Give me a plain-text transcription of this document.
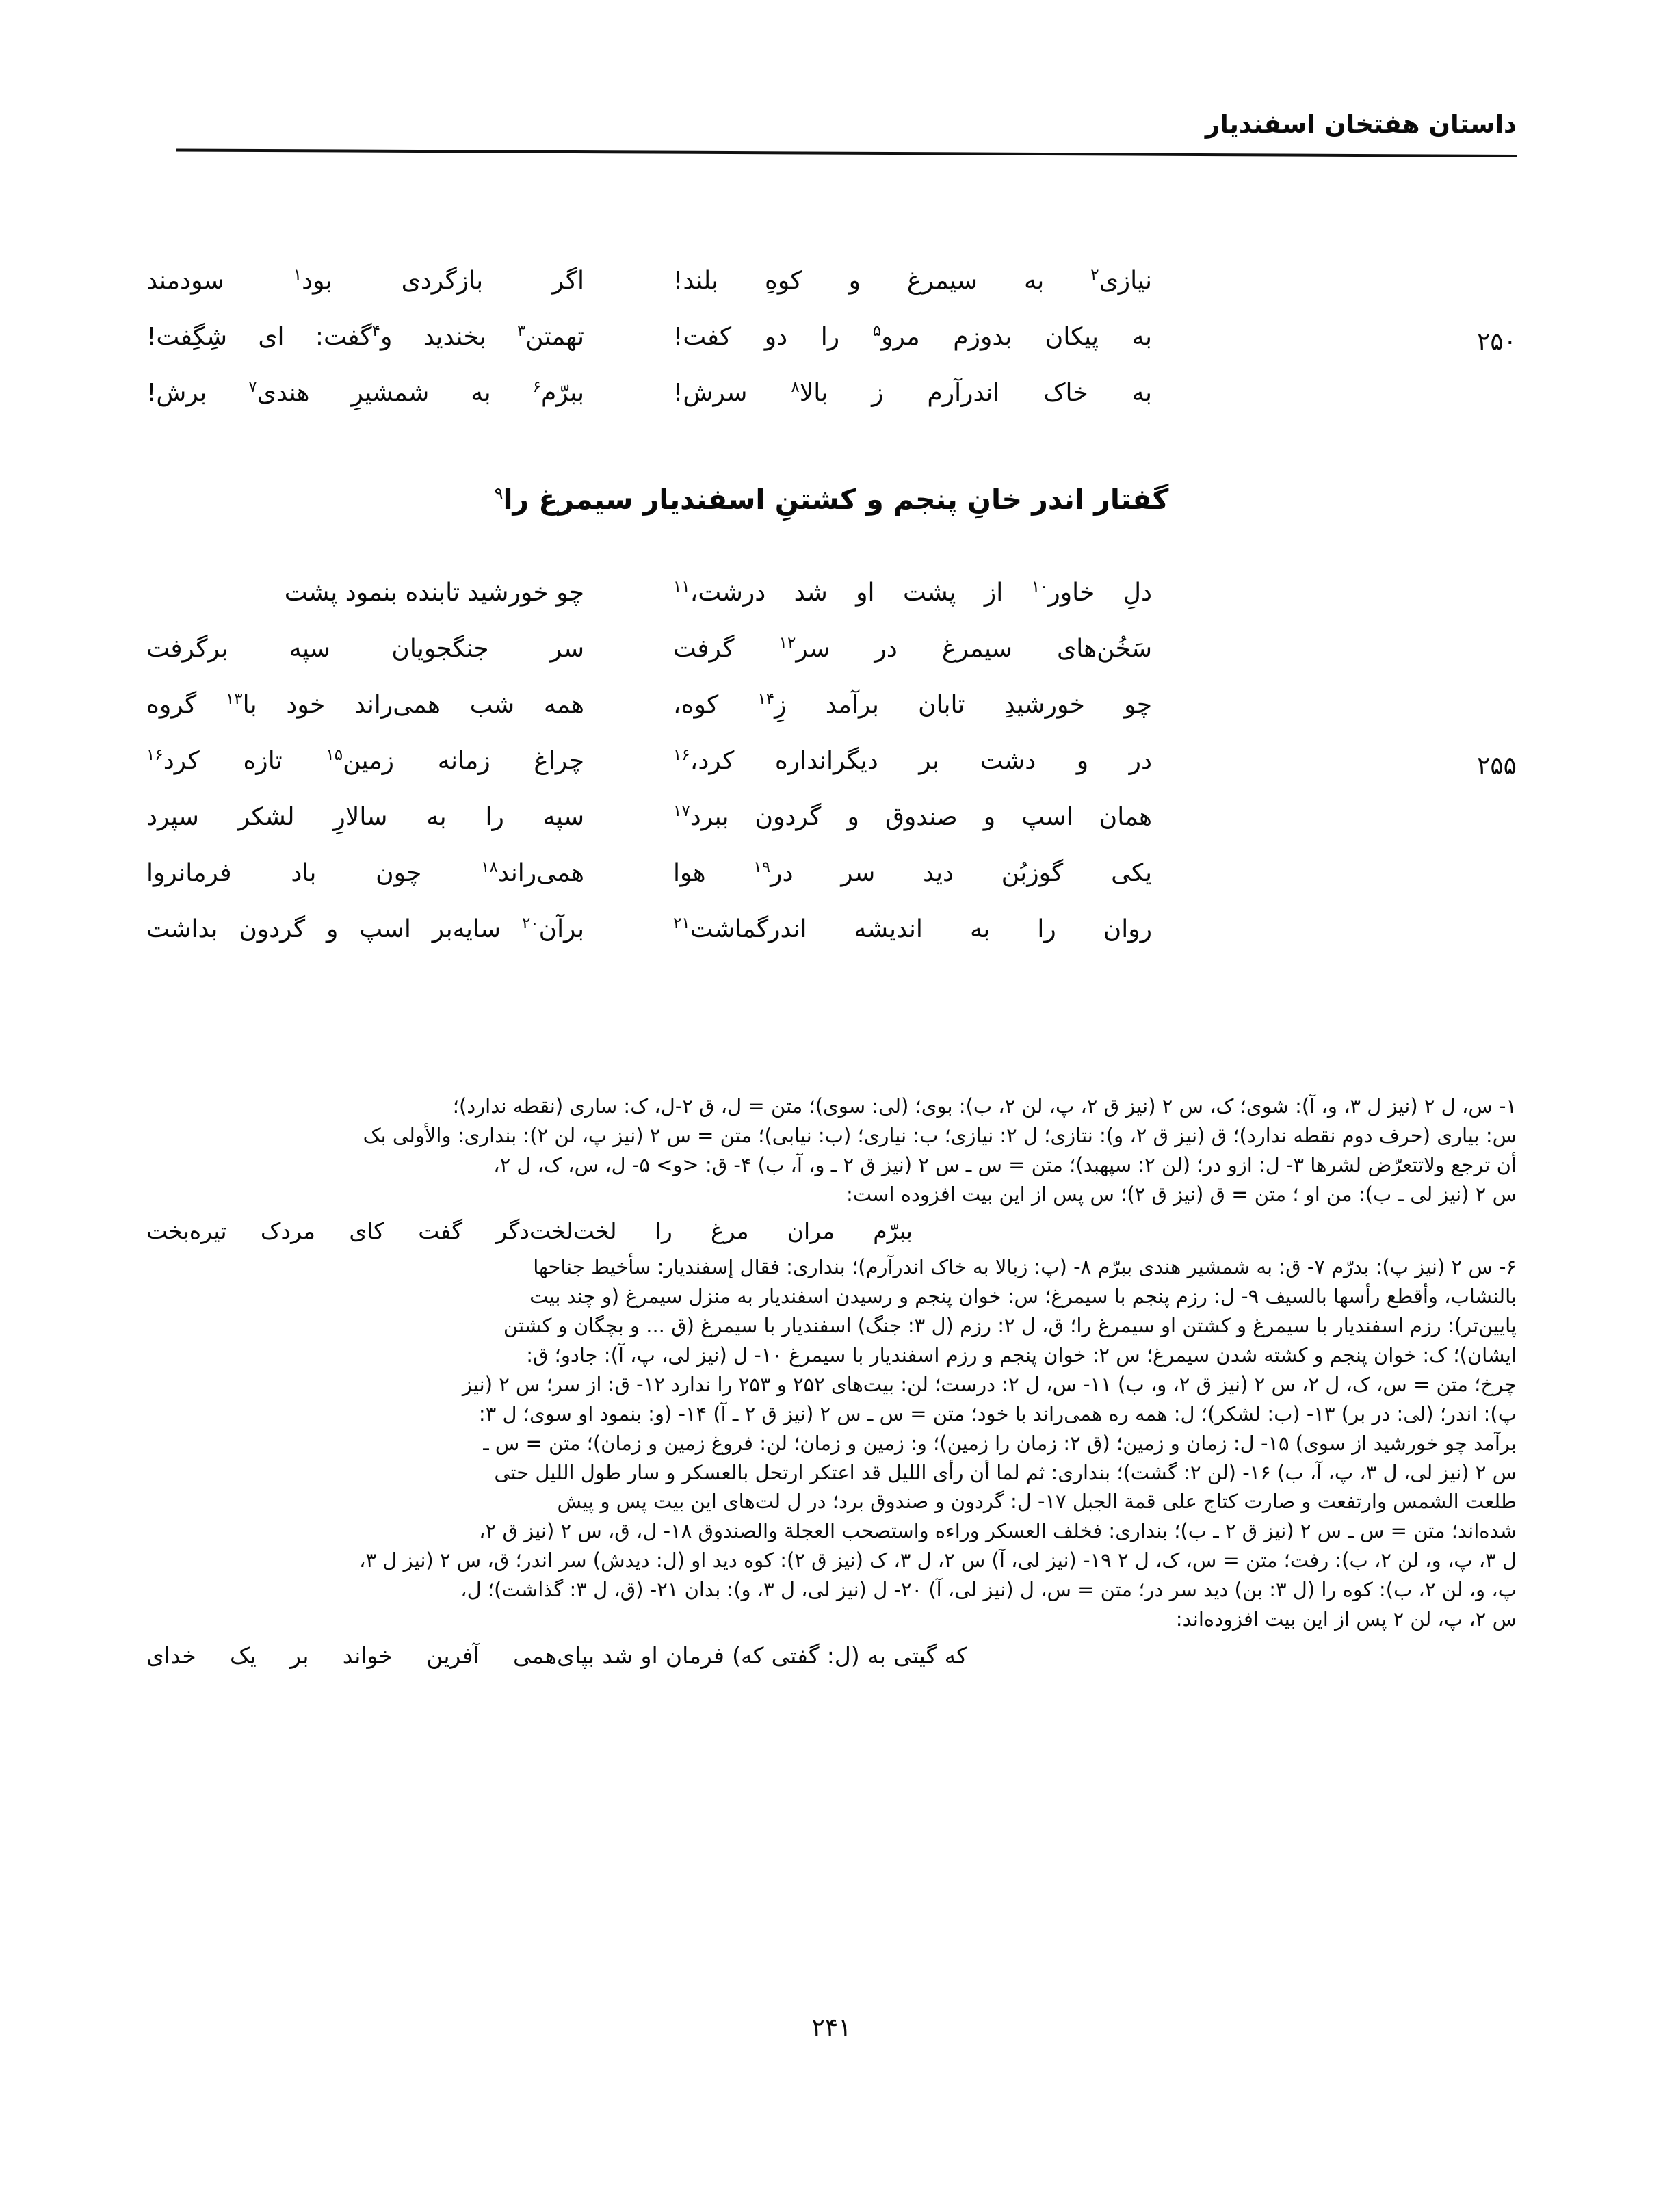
داستان هفتخان اسفندیار
اگر بازگردی بود$^۱$ سودمند	نیازی$^۲$ به سیمرغ و کوهِ بلند!
۲۵۰
تهمتن$^۳$ بخندید و$^۴$گفت: ای شِگِفت!	به پیکان بدوزم مرو$^۵$ را دو کفت!
ببرّم$^۶$ به شمشیرِ هندی$^۷$ برش!	به خاک اندرآرم ز بالا$^۸$ سرش!
گفتار اندر خانِ پنجم و کشتنِ اسفندیار سیمرغ را$^۹$
چو خورشید تابنده بنمود پشت	دلِ خاور$^{۱۰}$ از پشت او شد درشت،$^{۱۱}$
سر جنگجویان سپه برگرفت	سَخُن‌های سیمرغ در سر$^{۱۲}$ گرفت
همه شب همی‌راند خود با$^{۱۳}$ گروه	چو خورشیدِ تابان برآمد زِ$^{۱۴}$ کوه،
۲۵۵
چراغ زمانه زمین$^{۱۵}$ تازه کرد$^{۱۶}$	در و دشت بر دیگرانداره کرد،$^{۱۶}$
سپه را به سالارِ لشکر سپرد	همان اسپ و صندوق و گردون ببرد$^{۱۷}$
همی‌راند$^{۱۸}$ چون باد فرمانروا	یکی گوزبُن دید سر در$^{۱۹}$ هوا
برآن$^{۲۰}$ سایه‌بر اسپ و گردون بداشت	روان را به اندیشه اندرگماشت$^{۲۱}$

۱- س، ل ۲ (نیز ل ۳، و، آ): شوی؛ ک، س ۲ (نیز ق ۲، پ، لن ۲، ب): بوی؛ (لی: سوی)؛ متن = ل، ق ۲-ل، ک: ساری (نقطه ندارد)؛

س: بیاری (حرف دوم نقطه ندارد)؛ ق (نیز ق ۲، و): نتازی؛ ل ۲: نیازی؛ ب: نیاری؛ (ب: نیابی)؛ متن = س ۲ (نیز پ، لن ۲): بنداری: والأولی بک

أن ترجع ولاتتعرّض لشرها ۳- ل: ازو در؛ (لن ۲: سپهبد)؛ متن = س ـ س ۲ (نیز ق ۲ ـ و، آ، ب) ۴- ق: <و> ۵- ل، س، ک، ل ۲،

س ۲ (نیز لی ـ ب): من او ؛ متن = ق (نیز ق ۲)؛ س پس از این بیت افزوده است:

دگر گفت کای مردک تیره‌بخت ببرّم مران مرغ را لخت‌لخت

۶- س ۲ (نیز پ): بدرّم ۷- ق: به شمشیر هندی ببرّم ۸- (پ: زبالا به خاک اندرآرم)؛ بنداری: فقال إسفندیار: سأخیط جناحها

بالنشاب، وأقطع رأسها بالسیف ۹- ل: رزم پنجم با سیمرغ؛ س: خوان پنجم و رسیدن اسفندیار به منزل سیمرغ (و چند بیت

پایین‌تر): رزم اسفندیار با سیمرغ و کشتن او سیمرغ را؛ ق، ل ۲: رزم (ل ۳: جنگ) اسفندیار با سیمرغ (ق ... و بچگان و کشتن

ایشان)؛ ک: خوان پنجم و کشته شدن سیمرغ؛ س ۲: خوان پنجم و رزم اسفندیار با سیمرغ ۱۰- ل (نیز لی، پ، آ): جادو؛ ق:

چرخ؛ متن = س، ک، ل ۲، س ۲ (نیز ق ۲، و، ب) ۱۱- س، ل ۲: درست؛ لن: بیت‌های ۲۵۲ و ۲۵۳ را ندارد ۱۲- ق: از سر؛ س ۲ (نیز

پ): اندر؛ (لی: در بر) ۱۳- (ب: لشکر)؛ ل: همه ره همی‌راند با خود؛ متن = س ـ س ۲ (نیز ق ۲ ـ آ) ۱۴- (و: بنمود او سوی؛ ل ۳:

برآمد چو خورشید از سوی) ۱۵- ل: زمان و زمین؛ (ق ۲: زمان را زمین)؛ و: زمین و زمان؛ لن: فروغ زمین و زمان)؛ متن = س ـ

س ۲ (نیز لی، ل ۳، پ، آ، ب) ۱۶- (لن ۲: گشت)؛ بنداری: ثم لما أن رأی اللیل قد اعتکر ارتحل بالعسکر و سار طول اللیل حتی

طلعت الشمس وارتفعت و صارت کتاج علی قمة الجبل ۱۷- ل: گردون و صندوق برد؛ در ل لت‌های این بیت پس و پیش

شده‌اند؛ متن = س ـ س ۲ (نیز ق ۲ ـ ب)؛ بنداری: فخلف العسکر وراءه واستصحب العجلة والصندوق ۱۸- ل، ق، س ۲ (نیز ق ۲،

ل ۳، پ، و، لن ۲، ب): رفت؛ متن = س، ک، ل ۲ ۱۹- (نیز لی، آ) س ۲، ل ۳، ک (نیز ق ۲): کوه دید او (ل: دیدش) سر اندر؛ ق، س ۲ (نیز ل ۳،

پ، و، لن ۲، ب): کوه را (ل ۳: بن) دید سر در؛ متن = س، ل (نیز لی، آ) ۲۰- ل (نیز لی، ل ۳، و): بدان ۲۱- (ق، ل ۳: گذاشت)؛ ل،

س ۲، پ، لن ۲ پس از این بیت افزوده‌اند:

همی آفرین خواند بر یک خدای که گیتی به (ل: گفتی که) فرمان او شد بپای
۲۴۱
